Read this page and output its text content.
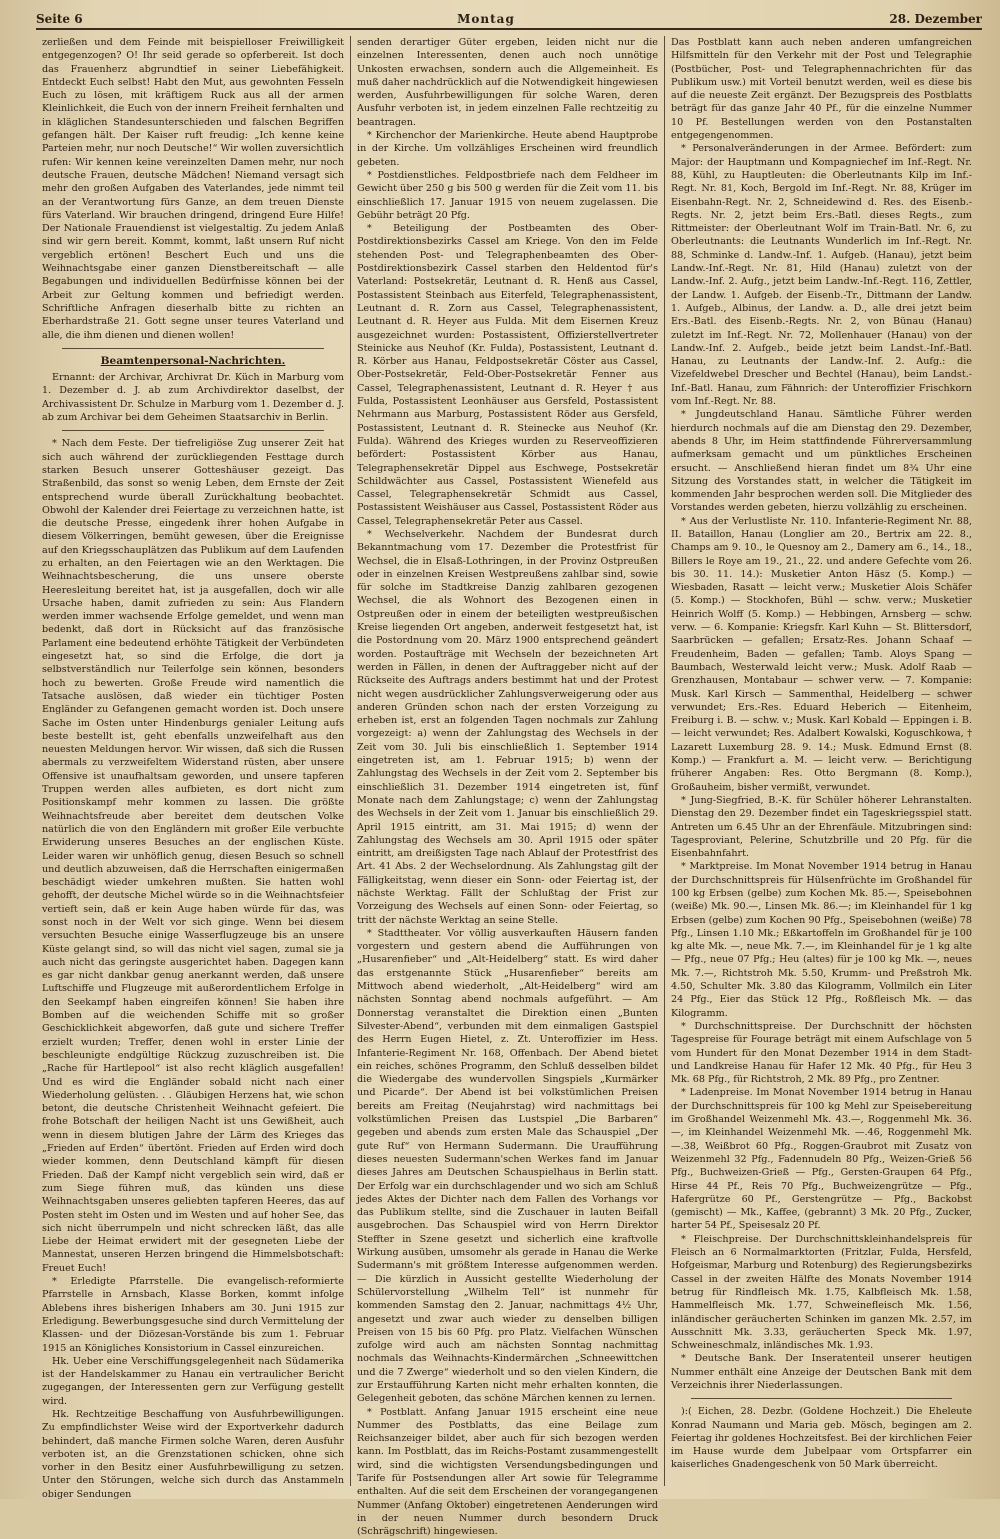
Seite 6	Montag	28. Dezember

zerließen und dem Feinde mit beispielloser Freiwilligkeit entgegenzogen? O! Ihr seid gerade so opferbereit. Ist doch das Frauenherz abgrundtief in seiner Liebefähigkeit. Entdeckt Euch selbst! Habt den Mut, aus gewohnten Fesseln Euch zu lösen, mit kräftigem Ruck aus all der armen Kleinlichkeit, die Euch von der innern Freiheit fernhalten und in kläglichen Standesunterschieden und falschen Begriffen gefangen hält. Der Kaiser ruft freudig: „Ich kenne keine Parteien mehr, nur noch Deutsche!“ Wir wollen zuversichtlich rufen: Wir kennen keine vereinzelten Damen mehr, nur noch deutsche Frauen, deutsche Mädchen! Niemand versagt sich mehr den großen Aufgaben des Vaterlandes, jede nimmt teil an der Verantwortung fürs Ganze, an dem treuen Dienste fürs Vaterland. Wir brauchen dringend, dringend Eure Hilfe! Der Nationale Frauendienst ist vielgestaltig. Zu jedem Anlaß sind wir gern bereit. Kommt, kommt, laßt unsern Ruf nicht vergeblich ertönen! Beschert Euch und uns die Weihnachtsgabe einer ganzen Dienstbereitschaft — alle Begabungen und individuellen Bedürfnisse können bei der Arbeit zur Geltung kommen und befriedigt werden. Schriftliche Anfragen dieserhalb bitte zu richten an Eberhardstraße 21. Gott segne unser teures Vaterland und alle, die ihm dienen und dienen wollen!

Beamtenpersonal-Nachrichten.

Ernannt: der Archivar, Archivrat Dr. Küch in Marburg vom 1. Dezember d. J. ab zum Archivdirektor daselbst, der Archivassistent Dr. Schulze in Marburg vom 1. Dezember d. J. ab zum Archivar bei dem Geheimen Staatsarchiv in Berlin.

* Nach dem Feste. Der tiefreligiöse Zug unserer Zeit hat sich auch während der zurückliegenden Festtage durch starken Besuch unserer Gotteshäuser gezeigt. Das Straßenbild, das sonst so wenig Leben, dem Ernste der Zeit entsprechend wurde überall Zurückhaltung beobachtet. Obwohl der Kalender drei Feiertage zu verzeichnen hatte, ist die deutsche Presse, eingedenk ihrer hohen Aufgabe in diesem Völkerringen, bemüht gewesen, über die Ereignisse auf den Kriegsschauplätzen das Publikum auf dem Laufenden zu erhalten, an den Feiertagen wie an den Werktagen. Die Weihnachtsbescherung, die uns unsere oberste Heeresleitung bereitet hat, ist ja ausgefallen, doch wir alle Ursache haben, damit zufrieden zu sein: Aus Flandern werden immer wachsende Erfolge gemeldet, und wenn man bedenkt, daß dort in Rücksicht auf das französische Parlament eine bedeutend erhöhte Tätigkeit der Verbündeten eingesetzt hat, so sind die Erfolge, die dort ja selbstverständlich nur Teilerfolge sein können, besonders hoch zu bewerten. Große Freude wird namentlich die Tatsache auslösen, daß wieder ein tüchtiger Posten Engländer zu Gefangenen gemacht worden ist. Doch unsere Sache im Osten unter Hindenburgs genialer Leitung aufs beste bestellt ist, geht ebenfalls unzweifelhaft aus den neuesten Meldungen hervor. Wir wissen, daß sich die Russen abermals zu verzweifeltem Widerstand rüsten, aber unsere Offensive ist unaufhaltsam geworden, und unsere tapferen Truppen werden alles aufbieten, es dort nicht zum Positionskampf mehr kommen zu lassen. Die größte Weihnachtsfreude aber bereitet dem deutschen Volke natürlich die von den Engländern mit großer Eile verbuchte Erwiderung unseres Besuches an der englischen Küste. Leider waren wir unhöflich genug, diesen Besuch so schnell und deutlich abzuweisen, daß die Herrschaften einigermaßen beschädigt wieder umkehren mußten. Sie hatten wohl gehofft, der deutsche Michel würde so in die Weihnachtsfeier vertieft sein, daß er kein Auge haben würde für das, was sonst noch in der Welt vor sich ginge. Wenn bei diesem versuchten Besuche einige Wasserflugzeuge bis an unsere Küste gelangt sind, so will das nicht viel sagen, zumal sie ja auch nicht das geringste ausgerichtet haben. Dagegen kann es gar nicht dankbar genug anerkannt werden, daß unsere Luftschiffe und Flugzeuge mit außerordentlichem Erfolge in den Seekampf haben eingreifen können! Sie haben ihre Bomben auf die weichenden Schiffe mit so großer Geschicklichkeit abgeworfen, daß gute und sichere Treffer erzielt wurden; Treffer, denen wohl in erster Linie der beschleunigte endgültige Rückzug zuzuschreiben ist. Die „Rache für Hartlepool“ ist also recht kläglich ausgefallen! Und es wird die Engländer sobald nicht nach einer Wiederholung gelüsten. . . Gläubigen Herzens hat, wie schon betont, die deutsche Christenheit Weihnacht gefeiert. Die frohe Botschaft der heiligen Nacht ist uns Gewißheit, auch wenn in diesem blutigen Jahre der Lärm des Krieges das „Frieden auf Erden“ übertönt. Frieden auf Erden wird doch wieder kommen, denn Deutschland kämpft für diesen Frieden. Daß der Kampf nicht vergeblich sein wird, daß er zum Siege führen muß, das künden uns diese Weihnachtsgaben unseres geliebten tapferen Heeres, das auf Posten steht im Osten und im Westen und auf hoher See, das sich nicht überrumpeln und nicht schrecken läßt, das alle Liebe der Heimat erwidert mit der gesegneten Liebe der Mannestat, unseren Herzen bringend die Himmelsbotschaft: Freuet Euch!

* Erledigte Pfarrstelle. Die evangelisch-reformierte Pfarrstelle in Arnsbach, Klasse Borken, kommt infolge Ablebens ihres bisherigen Inhabers am 30. Juni 1915 zur Erledigung. Bewerbungsgesuche sind durch Vermittelung der Klassen- und der Diözesan-Vorstände bis zum 1. Februar 1915 an Königliches Konsistorium in Cassel einzureichen.

Hk. Ueber eine Verschiffungsgelegenheit nach Südamerika ist der Handelskammer zu Hanau ein vertraulicher Bericht zugegangen, der Interessenten gern zur Verfügung gestellt wird.

Hk. Rechtzeitige Beschaffung von Ausfuhrbewilligungen. Zu empfindlichster Weise wird der Exportverkehr dadurch behindert, daß manche Firmen solche Waren, deren Ausfuhr verboten ist, an die Grenzstationen schicken, ohne sich vorher in den Besitz einer Ausfuhrbewilligung zu setzen. Unter den Störungen, welche sich durch das Anstammeln obiger Sendungen

senden derartiger Güter ergeben, leiden nicht nur die einzelnen Interessenten, denen auch noch unnötige Unkosten erwachsen, sondern auch die Allgemeinheit. Es muß daher nachdrücklich auf die Notwendigkeit hingewiesen werden, Ausfuhrbewilligungen für solche Waren, deren Ausfuhr verboten ist, in jedem einzelnen Falle rechtzeitig zu beantragen.

* Kirchenchor der Marienkirche. Heute abend Hauptprobe in der Kirche. Um vollzähliges Erscheinen wird freundlich gebeten.

* Postdienstliches. Feldpostbriefe nach dem Feldheer im Gewicht über 250 g bis 500 g werden für die Zeit vom 11. bis einschließlich 17. Januar 1915 von neuem zugelassen. Die Gebühr beträgt 20 Pfg.

* Beteiligung der Postbeamten des Ober-Postdirektionsbezirks Cassel am Kriege. Von den im Felde stehenden Post- und Telegraphenbeamten des Ober-Postdirektionsbezirk Cassel starben den Heldentod für's Vaterland: Postsekretär, Leutnant d. R. Henß aus Cassel, Postassistent Steinbach aus Eiterfeld, Telegraphenassistent, Leutnant d. R. Zorn aus Cassel, Telegraphenassistent, Leutnant d. R. Heyer aus Fulda. Mit dem Eisernen Kreuz ausgezeichnet wurden: Postassistent, Offizierstellvertreter Steinicke aus Neuhof (Kr. Fulda), Postassistent, Leutnant d. R. Körber aus Hanau, Feldpostsekretär Cöster aus Cassel, Ober-Postsekretär, Feld-Ober-Postsekretär Fenner aus Cassel, Telegraphenassistent, Leutnant d. R. Heyer † aus Fulda, Postassistent Leonhäuser aus Gersfeld, Postassistent Nehrmann aus Marburg, Postassistent Röder aus Gersfeld, Postassistent, Leutnant d. R. Steinecke aus Neuhof (Kr. Fulda). Während des Krieges wurden zu Reserveoffizieren befördert: Postassistent Körber aus Hanau, Telegraphensekretär Dippel aus Eschwege, Postsekretär Schildwächter aus Cassel, Postassistent Wienefeld aus Cassel, Telegraphensekretär Schmidt aus Cassel, Postassistent Weishäuser aus Cassel, Postassistent Röder aus Cassel, Telegraphensekretär Peter aus Cassel.

* Wechselverkehr. Nachdem der Bundesrat durch Bekanntmachung vom 17. Dezember die Protestfrist für Wechsel, die in Elsaß-Lothringen, in der Provinz Ostpreußen oder in einzelnen Kreisen Westpreußens zahlbar sind, sowie für solche im Stadtkreise Danzig zahlbaren gezogenen Wechsel, die als Wohnort des Bezogenen einen in Ostpreußen oder in einem der beteiligten westpreußischen Kreise liegenden Ort angeben, anderweit festgesetzt hat, ist die Postordnung vom 20. März 1900 entsprechend geändert worden. Postaufträge mit Wechseln der bezeichneten Art werden in Fällen, in denen der Auftraggeber nicht auf der Rückseite des Auftrags anders bestimmt hat und der Protest nicht wegen ausdrücklicher Zahlungsverweigerung oder aus anderen Gründen schon nach der ersten Vorzeigung zu erheben ist, erst an folgenden Tagen nochmals zur Zahlung vorgezeigt: a) wenn der Zahlungstag des Wechsels in der Zeit vom 30. Juli bis einschließlich 1. September 1914 eingetreten ist, am 1. Februar 1915; b) wenn der Zahlungstag des Wechsels in der Zeit vom 2. September bis einschließlich 31. Dezember 1914 eingetreten ist, fünf Monate nach dem Zahlungstage; c) wenn der Zahlungstag des Wechsels in der Zeit vom 1. Januar bis einschließlich 29. April 1915 eintritt, am 31. Mai 1915; d) wenn der Zahlungstag des Wechsels am 30. April 1915 oder später eintritt, am dreißigsten Tage nach Ablauf der Protestfrist des Art. 41 Abs. 2 der Wechselordnung. Als Zahlungstag gilt der Fälligkeitstag, wenn dieser ein Sonn- oder Feiertag ist, der nächste Werktag. Fällt der Schlußtag der Frist zur Vorzeigung des Wechsels auf einen Sonn- oder Feiertag, so tritt der nächste Werktag an seine Stelle.

* Stadttheater. Vor völlig ausverkauften Häusern fanden vorgestern und gestern abend die Aufführungen von „Husarenfieber“ und „Alt-Heidelberg“ statt. Es wird daher das erstgenannte Stück „Husarenfieber“ bereits am Mittwoch abend wiederholt, „Alt-Heidelberg“ wird am nächsten Sonntag abend nochmals aufgeführt. — Am Donnerstag veranstaltet die Direktion einen „Bunten Silvester-Abend“, verbunden mit dem einmaligen Gastspiel des Herrn Eugen Hietel, z. Zt. Unteroffizier im Hess. Infanterie-Regiment Nr. 168, Offenbach. Der Abend bietet ein reiches, schönes Programm, den Schluß desselben bildet die Wiedergabe des wundervollen Singspiels „Kurmärker und Picarde“. Der Abend ist bei volkstümlichen Preisen bereits am Freitag (Neujahrstag) wird nachmittags bei volkstümlichen Preisen das Lustspiel „Die Barbaren“ gegeben und abends zum ersten Male das Schauspiel „Der gute Ruf“ von Hermann Sudermann. Die Uraufführung dieses neuesten Sudermann'schen Werkes fand im Januar dieses Jahres am Deutschen Schauspielhaus in Berlin statt. Der Erfolg war ein durchschlagender und wo sich am Schluß jedes Aktes der Dichter nach dem Fallen des Vorhangs vor das Publikum stellte, sind die Zuschauer in lauten Beifall ausgebrochen. Das Schauspiel wird von Herrn Direktor Steffter in Szene gesetzt und sicherlich eine kraftvolle Wirkung ausüben, umsomehr als gerade in Hanau die Werke Sudermann's mit größtem Interesse aufgenommen werden. — Die kürzlich in Aussicht gestellte Wiederholung der Schülervorstellung „Wilhelm Tell“ ist nunmehr für kommenden Samstag den 2. Januar, nachmittags 4½ Uhr, angesetzt und zwar auch wieder zu denselben billigen Preisen von 15 bis 60 Pfg. pro Platz. Vielfachen Wünschen zufolge wird auch am nächsten Sonntag nachmittag nochmals das Weihnachts-Kindermärchen „Schneewittchen und die 7 Zwerge“ wiederholt und so den vielen Kindern, die zur Erstaufführung Karten nicht mehr erhalten konnten, die Gelegenheit geboten, das schöne Märchen kennen zu lernen.

* Postblatt. Anfang Januar 1915 erscheint eine neue Nummer des Postblatts, das eine Beilage zum Reichsanzeiger bildet, aber auch für sich bezogen werden kann. Im Postblatt, das im Reichs-Postamt zusammengestellt wird, sind die wichtigsten Versendungsbedingungen und Tarife für Postsendungen aller Art sowie für Telegramme enthalten. Auf die seit dem Erscheinen der vorangegangenen Nummer (Anfang Oktober) eingetretenen Aenderungen wird in der neuen Nummer durch besondern Druck (Schrägschrift) hingewiesen.

Das Postblatt kann auch neben anderen umfangreichen Hilfsmitteln für den Verkehr mit der Post und Telegraphie (Postbücher, Post- und Telegraphennachrichten für das Publikum usw.) mit Vorteil benutzt werden, weil es diese bis auf die neueste Zeit ergänzt. Der Bezugspreis des Postblatts beträgt für das ganze Jahr 40 Pf., für die einzelne Nummer 10 Pf. Bestellungen werden von den Postanstalten entgegengenommen.

* Personalveränderungen in der Armee. Befördert: zum Major: der Hauptmann und Kompagniechef im Inf.-Regt. Nr. 88, Kühl, zu Hauptleuten: die Oberleutnants Kilp im Inf.-Regt. Nr. 81, Koch, Bergold im Inf.-Regt. Nr. 88, Krüger im Eisenbahn-Regt. Nr. 2, Schneidewind d. Res. des Eisenb.-Regts. Nr. 2, jetzt beim Ers.-Batl. dieses Regts., zum Rittmeister: der Oberleutnant Wolf im Train-Batl. Nr. 6, zu Oberleutnants: die Leutnants Wunderlich im Inf.-Regt. Nr. 88, Schminke d. Landw.-Inf. 1. Aufgeb. (Hanau), jetzt beim Landw.-Inf.-Regt. Nr. 81, Hild (Hanau) zuletzt von der Landw.-Inf. 2. Aufg., jetzt beim Landw.-Inf.-Regt. 116, Zettler, der Landw. 1. Aufgeb. der Eisenb.-Tr., Dittmann der Landw. 1. Aufgeb., Albinus, der Landw. a. D., alle drei jetzt beim Ers.-Batl. des Eisenb.-Regts. Nr. 2, von Bünau (Hanau) zuletzt im Inf.-Regt. Nr. 72, Mollenhauer (Hanau) von der Landw.-Inf. 2. Aufgeb., beide jetzt beim Landst.-Inf.-Batl. Hanau, zu Leutnants der Landw.-Inf. 2. Aufg.: die Vizefeldwebel Drescher und Bechtel (Hanau), beim Landst.-Inf.-Batl. Hanau, zum Fähnrich: der Unteroffizier Frischkorn vom Inf.-Regt. Nr. 88.

* Jungdeutschland Hanau. Sämtliche Führer werden hierdurch nochmals auf die am Dienstag den 29. Dezember, abends 8 Uhr, im Heim stattfindende Führerversammlung aufmerksam gemacht und um pünktliches Erscheinen ersucht. — Anschließend hieran findet um 8¾ Uhr eine Sitzung des Vorstandes statt, in welcher die Tätigkeit im kommenden Jahr besprochen werden soll. Die Mitglieder des Vorstandes werden gebeten, hierzu vollzählig zu erscheinen.

* Aus der Verlustliste Nr. 110. Infanterie-Regiment Nr. 88, II. Bataillon, Hanau (Longlier am 20., Bertrix am 22. 8., Champs am 9. 10., le Quesnoy am 2., Damery am 6., 14., 18., Billers le Roye am 19., 21., 22. und andere Gefechte vom 26. bis 30. 11. 14.): Musketier Anton Häsz (5. Komp.) — Wiesbaden, Rasatt — leicht verw.; Musketier Alois Schäfer (5. Komp.) — Stockhofen, Bühl — schw. verw.; Musketier Heinrich Wolff (5. Komp.) — Hebbingen, Arnsberg — schw. verw. — 6. Kompanie: Kriegsfr. Karl Kuhn — St. Blittersdorf, Saarbrücken — gefallen; Ersatz-Res. Johann Schaaf — Freudenheim, Baden — gefallen; Tamb. Aloys Spang — Baumbach, Westerwald leicht verw.; Musk. Adolf Raab — Grenzhausen, Montabaur — schwer verw. — 7. Kompanie: Musk. Karl Kirsch — Sammenthal, Heidelberg — schwer verwundet; Ers.-Res. Eduard Heberich — Eitenheim, Freiburg i. B. — schw. v.; Musk. Karl Kobald — Eppingen i. B. — leicht verwundet; Res. Adalbert Kowalski, Koguschkowa, † Lazarett Luxemburg 28. 9. 14.; Musk. Edmund Ernst (8. Komp.) — Frankfurt a. M. — leicht verw. — Berichtigung früherer Angaben: Res. Otto Bergmann (8. Komp.), Großauheim, bisher vermißt, verwundet.

* Jung-Siegfried, B.-K. für Schüler höherer Lehranstalten. Dienstag den 29. Dezember findet ein Tageskriegsspiel statt. Antreten um 6.45 Uhr an der Ehrenfäule. Mitzubringen sind: Tagesproviant, Pelerine, Schutzbrille und 20 Pfg. für die Eisenbahnfahrt.

* Marktpreise. Im Monat November 1914 betrug in Hanau der Durchschnittspreis für Hülsenfrüchte im Großhandel für 100 kg Erbsen (gelbe) zum Kochen Mk. 85.—, Speisebohnen (weiße) Mk. 90.—, Linsen Mk. 86.—; im Kleinhandel für 1 kg Erbsen (gelbe) zum Kochen 90 Pfg., Speisebohnen (weiße) 78 Pfg., Linsen 1.10 Mk.; Eßkartoffeln im Großhandel für je 100 kg alte Mk. —, neue Mk. 7.—, im Kleinhandel für je 1 kg alte — Pfg., neue 07 Pfg.; Heu (altes) für je 100 kg Mk. —, neues Mk. 7.—, Richtstroh Mk. 5.50, Krumm- und Preßstroh Mk. 4.50, Schulter Mk. 3.80 das Kilogramm, Vollmilch ein Liter 24 Pfg., Eier das Stück 12 Pfg., Roßfleisch Mk. — das Kilogramm.

* Durchschnittspreise. Der Durchschnitt der höchsten Tagespreise für Fourage beträgt mit einem Aufschlage von 5 vom Hundert für den Monat Dezember 1914 in dem Stadt- und Landkreise Hanau für Hafer 12 Mk. 40 Pfg., für Heu 3 Mk. 68 Pfg., für Richtstroh, 2 Mk. 89 Pfg., pro Zentner.

* Ladenpreise. Im Monat November 1914 betrug in Hanau der Durchschnittspreis für 100 kg Mehl zur Speisebereitung im Großhandel Weizenmehl Mk. 43.—, Roggenmehl Mk. 36.—, im Kleinhandel Weizenmehl Mk. —.46, Roggenmehl Mk. —.38, Weißbrot 60 Pfg., Roggen-Graubrot mit Zusatz von Weizenmehl 32 Pfg., Fadennudeln 80 Pfg., Weizen-Grieß 56 Pfg., Buchweizen-Grieß — Pfg., Gersten-Graupen 64 Pfg., Hirse 44 Pf., Reis 70 Pfg., Buchweizengrütze — Pfg., Hafergrütze 60 Pf., Gerstengrütze — Pfg., Backobst (gemischt) — Mk., Kaffee, (gebrannt) 3 Mk. 20 Pfg., Zucker, harter 54 Pf., Speisesalz 20 Pf.

* Fleischpreise. Der Durchschnittskleinhandelspreis für Fleisch an 6 Normalmarktorten (Fritzlar, Fulda, Hersfeld, Hofgeismar, Marburg und Rotenburg) des Regierungsbezirks Cassel in der zweiten Hälfte des Monats November 1914 betrug für Rindfleisch Mk. 1.75, Kalbfleisch Mk. 1.58, Hammelfleisch Mk. 1.77, Schweinefleisch Mk. 1.56, inländischer geräucherten Schinken im ganzen Mk. 2.57, im Ausschnitt Mk. 3.33, geräucherten Speck Mk. 1.97, Schweineschmalz, inländisches Mk. 1.93.

* Deutsche Bank. Der Inseratenteil unserer heutigen Nummer enthält eine Anzeige der Deutschen Bank mit dem Verzeichnis ihrer Niederlassungen.

):( Eichen, 28. Dezbr. (Goldene Hochzeit.) Die Eheleute Konrad Naumann und Maria geb. Mösch, begingen am 2. Feiertag ihr goldenes Hochzeitsfest. Bei der kirchlichen Feier im Hause wurde dem Jubelpaar vom Ortspfarrer ein kaiserliches Gnadengeschenk von 50 Mark überreicht.
